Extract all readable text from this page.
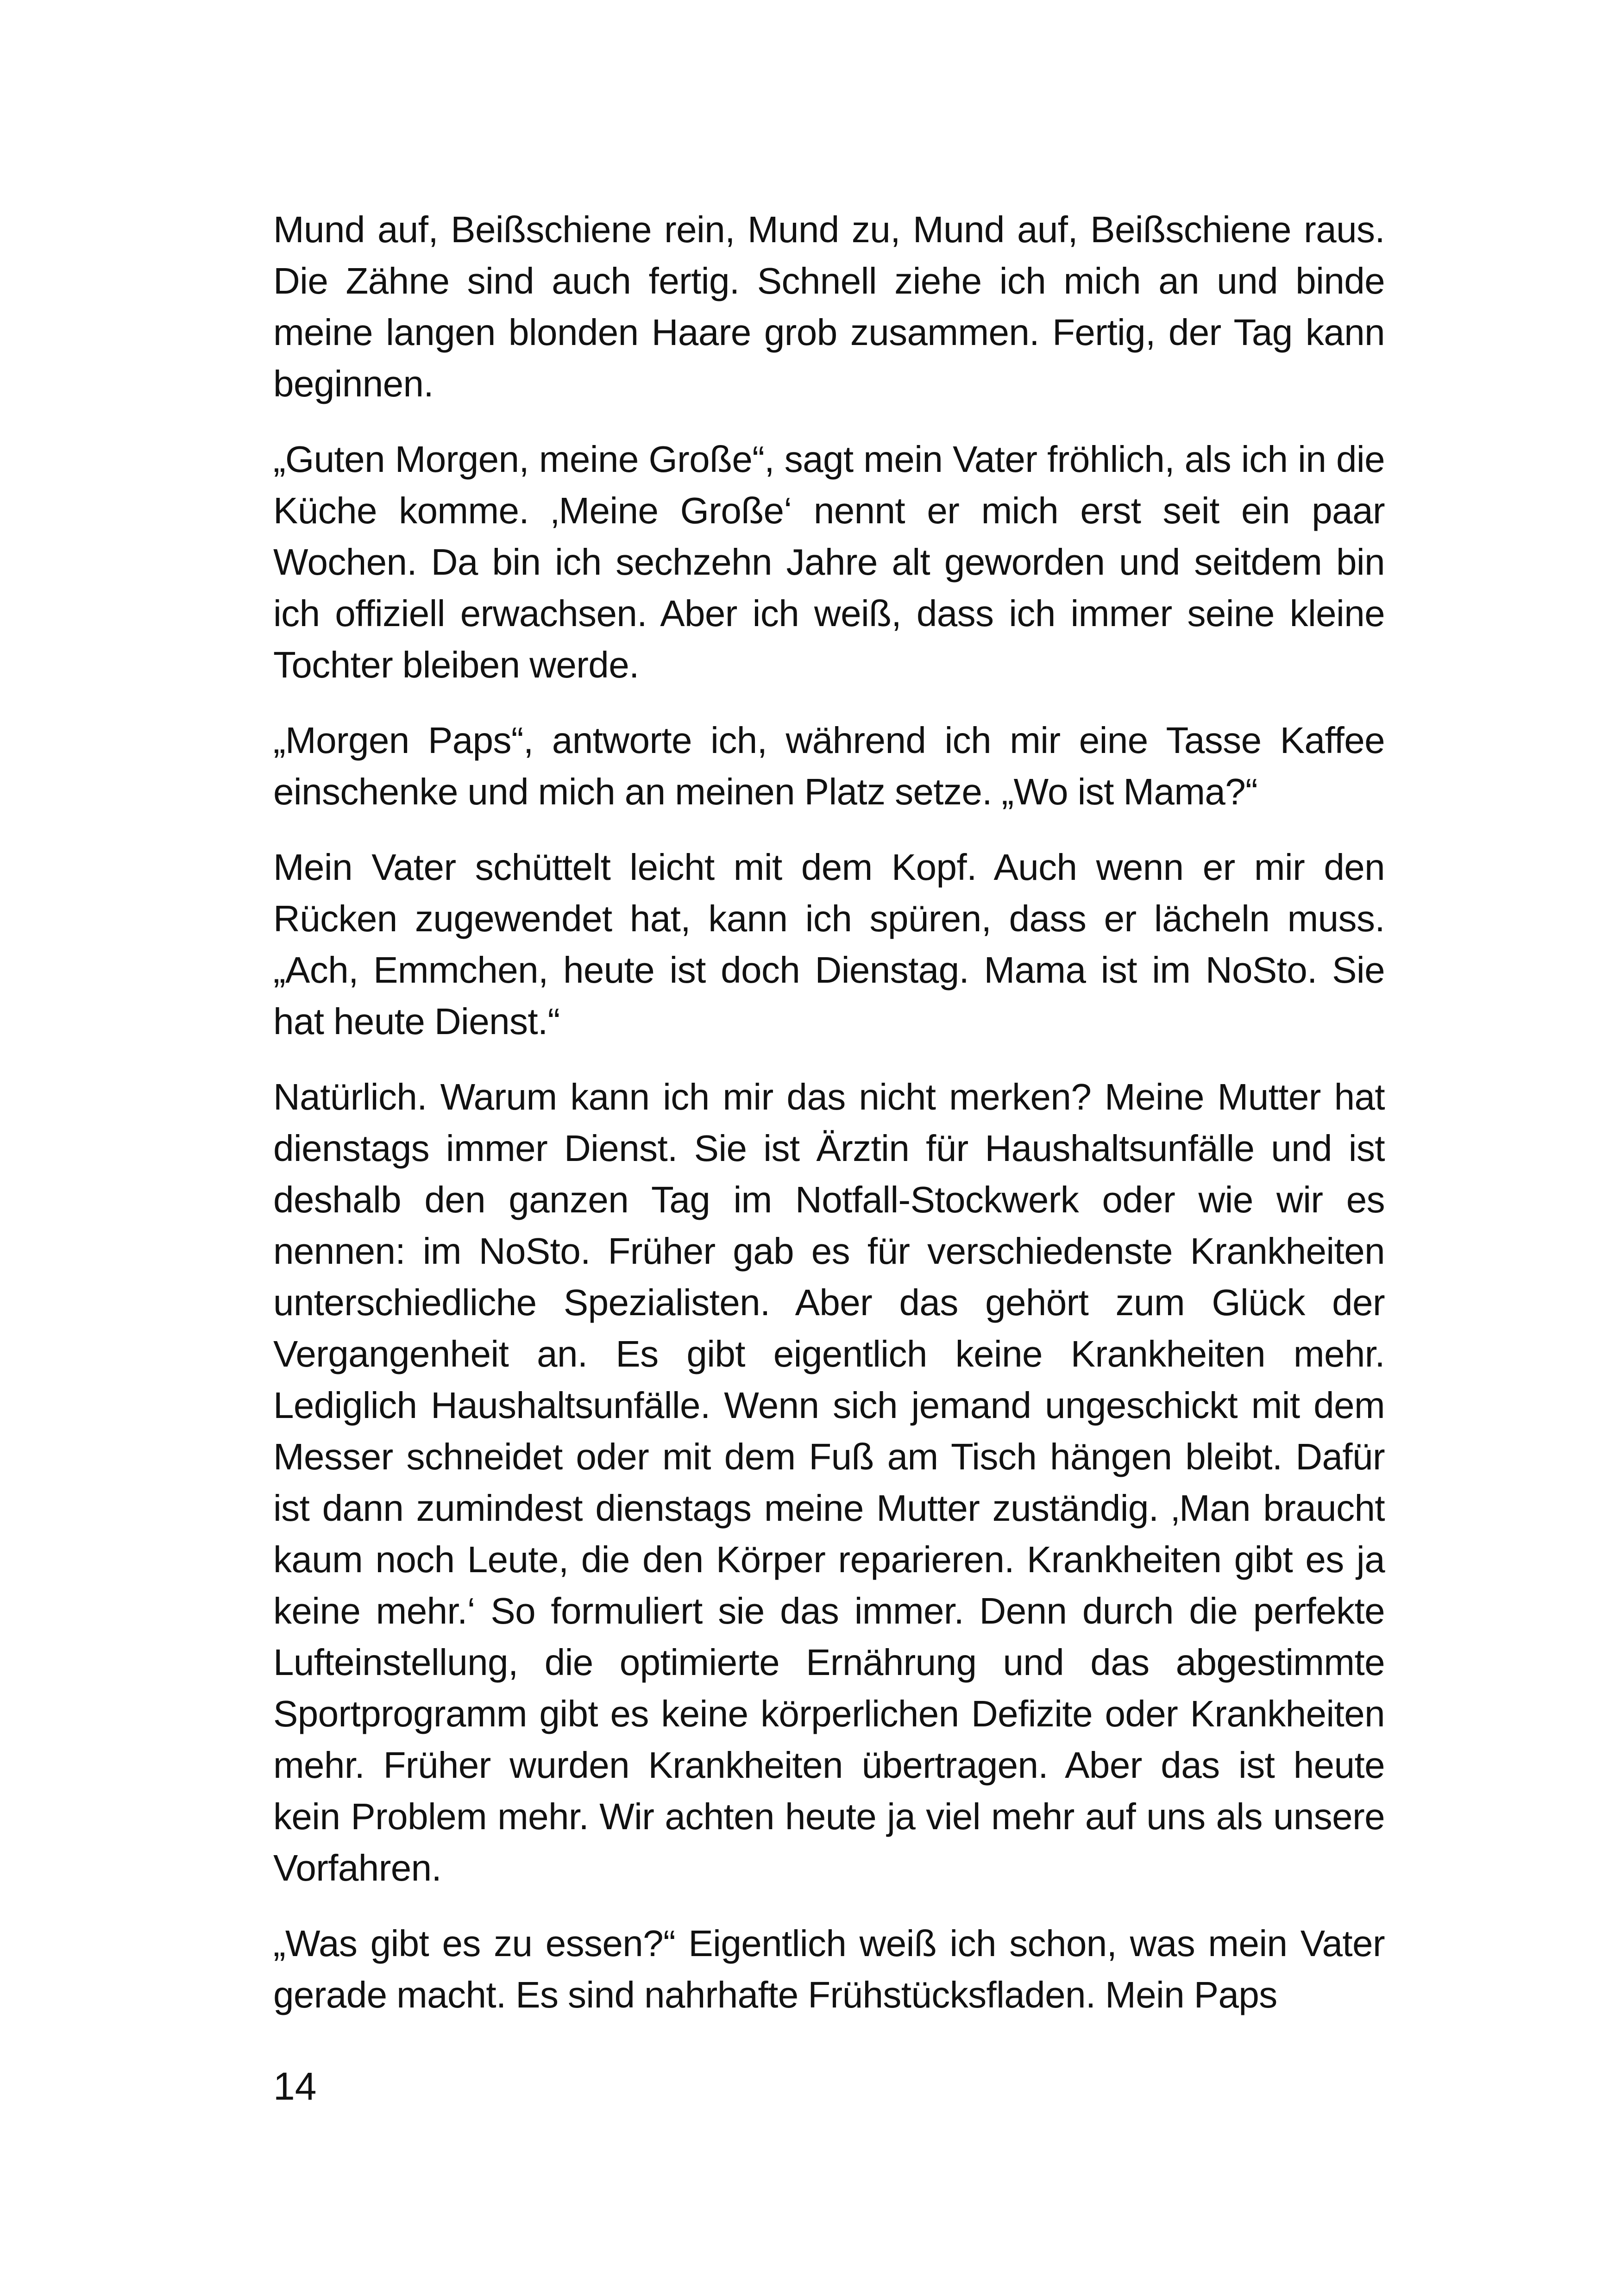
Mund auf, Beißschiene rein, Mund zu, Mund auf, Beißschiene raus. Die Zähne sind auch fertig. Schnell ziehe ich mich an und binde meine langen blonden Haare grob zusammen. Fertig, der Tag kann beginnen.

„Guten Morgen, meine Große“, sagt mein Vater fröhlich, als ich in die Küche komme. ‚Meine Große‘ nennt er mich erst seit ein paar Wochen. Da bin ich sechzehn Jahre alt geworden und seitdem bin ich offiziell erwachsen. Aber ich weiß, dass ich immer seine kleine Tochter bleiben werde.

„Morgen Paps“, antworte ich, während ich mir eine Tasse Kaffee einschenke und mich an meinen Platz setze. „Wo ist Mama?“

Mein Vater schüttelt leicht mit dem Kopf. Auch wenn er mir den Rücken zugewendet hat, kann ich spüren, dass er lächeln muss. „Ach, Emmchen, heute ist doch Dienstag. Mama ist im NoSto. Sie hat heute Dienst.“

Natürlich. Warum kann ich mir das nicht merken? Meine Mutter hat dienstags immer Dienst. Sie ist Ärztin für Haushaltsunfälle und ist deshalb den ganzen Tag im Notfall-Stockwerk oder wie wir es nennen: im NoSto. Früher gab es für verschiedenste Krankheiten unterschiedliche Spezialisten. Aber das gehört zum Glück der Vergangenheit an. Es gibt eigentlich keine Krankheiten mehr. Lediglich Haushaltsunfälle. Wenn sich jemand ungeschickt mit dem Messer schneidet oder mit dem Fuß am Tisch hängen bleibt. Dafür ist dann zumindest dienstags meine Mutter zuständig. ‚Man braucht kaum noch Leute, die den Körper reparieren. Krankheiten gibt es ja keine mehr.‘ So formuliert sie das immer. Denn durch die perfekte Lufteinstellung, die optimierte Ernährung und das abgestimmte Sportprogramm gibt es keine körperlichen Defizite oder Krankheiten mehr. Früher wurden Krankheiten übertragen. Aber das ist heute kein Problem mehr. Wir achten heute ja viel mehr auf uns als unsere Vorfahren.

„Was gibt es zu essen?“ Eigentlich weiß ich schon, was mein Vater gerade macht. Es sind nahrhafte Frühstücksfladen. Mein Paps

14
